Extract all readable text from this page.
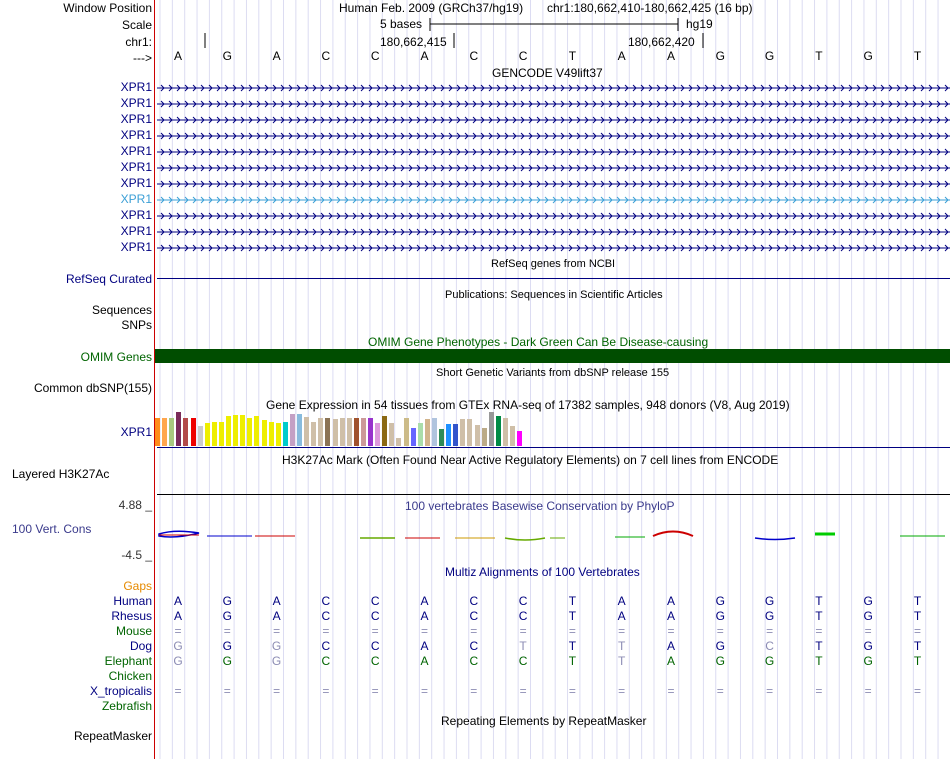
Window Position	Human Feb. 2009 (GRCh37/hg19) chr1:180,662,410-180,662,425 (16 bp)
Scale	5 bases	hg19
chr1:	180,662,415	180,662,420
--->	A	G	A	C	C	A	C	C	T	A	A	G	G	T	G	T
GENCODE V49lift37
XPR1
XPR1
XPR1
XPR1
XPR1
XPR1
XPR1
XPR1
XPR1
XPR1
XPR1
RefSeq genes from NCBI
RefSeq Curated
Publications: Sequences in Scientific Articles
Sequences
SNPs
OMIM Gene Phenotypes - Dark Green Can Be Disease-causing
OMIM Genes
Short Genetic Variants from dbSNP release 155
Common dbSNP(155)
Gene Expression in 54 tissues from GTEx RNA-seq of 17382 samples, 948 donors (V8, Aug 2019)
XPR1
H3K27Ac Mark (Often Found Near Active Regulatory Elements) on 7 cell lines from ENCODE
Layered H3K27Ac
100 vertebrates Basewise Conservation by PhyloP
4.88 _
100 Vert. Cons
-4.5 _
Multiz Alignments of 100 Vertebrates
Gaps
Human	A	G	A	C	C	A	C	C	T	A	A	G	G	T	G	T
Rhesus	A	G	A	C	C	A	C	C	T	A	A	G	G	T	G	T
Mouse	=	=	=	=	=	=	=	=	=	=	=	=	=	=	=	=
Dog	G	G	G	C	C	A	C	T	T	T	A	G	C	T	G	T
Elephant	G	G	G	C	C	A	C	C	T	T	A	G	G	T	G	T
Chicken
X_tropicalis	=	=	=	=	=	=	=	=	=	=	=	=	=	=	=	=
Zebrafish
Repeating Elements by RepeatMasker
RepeatMasker
